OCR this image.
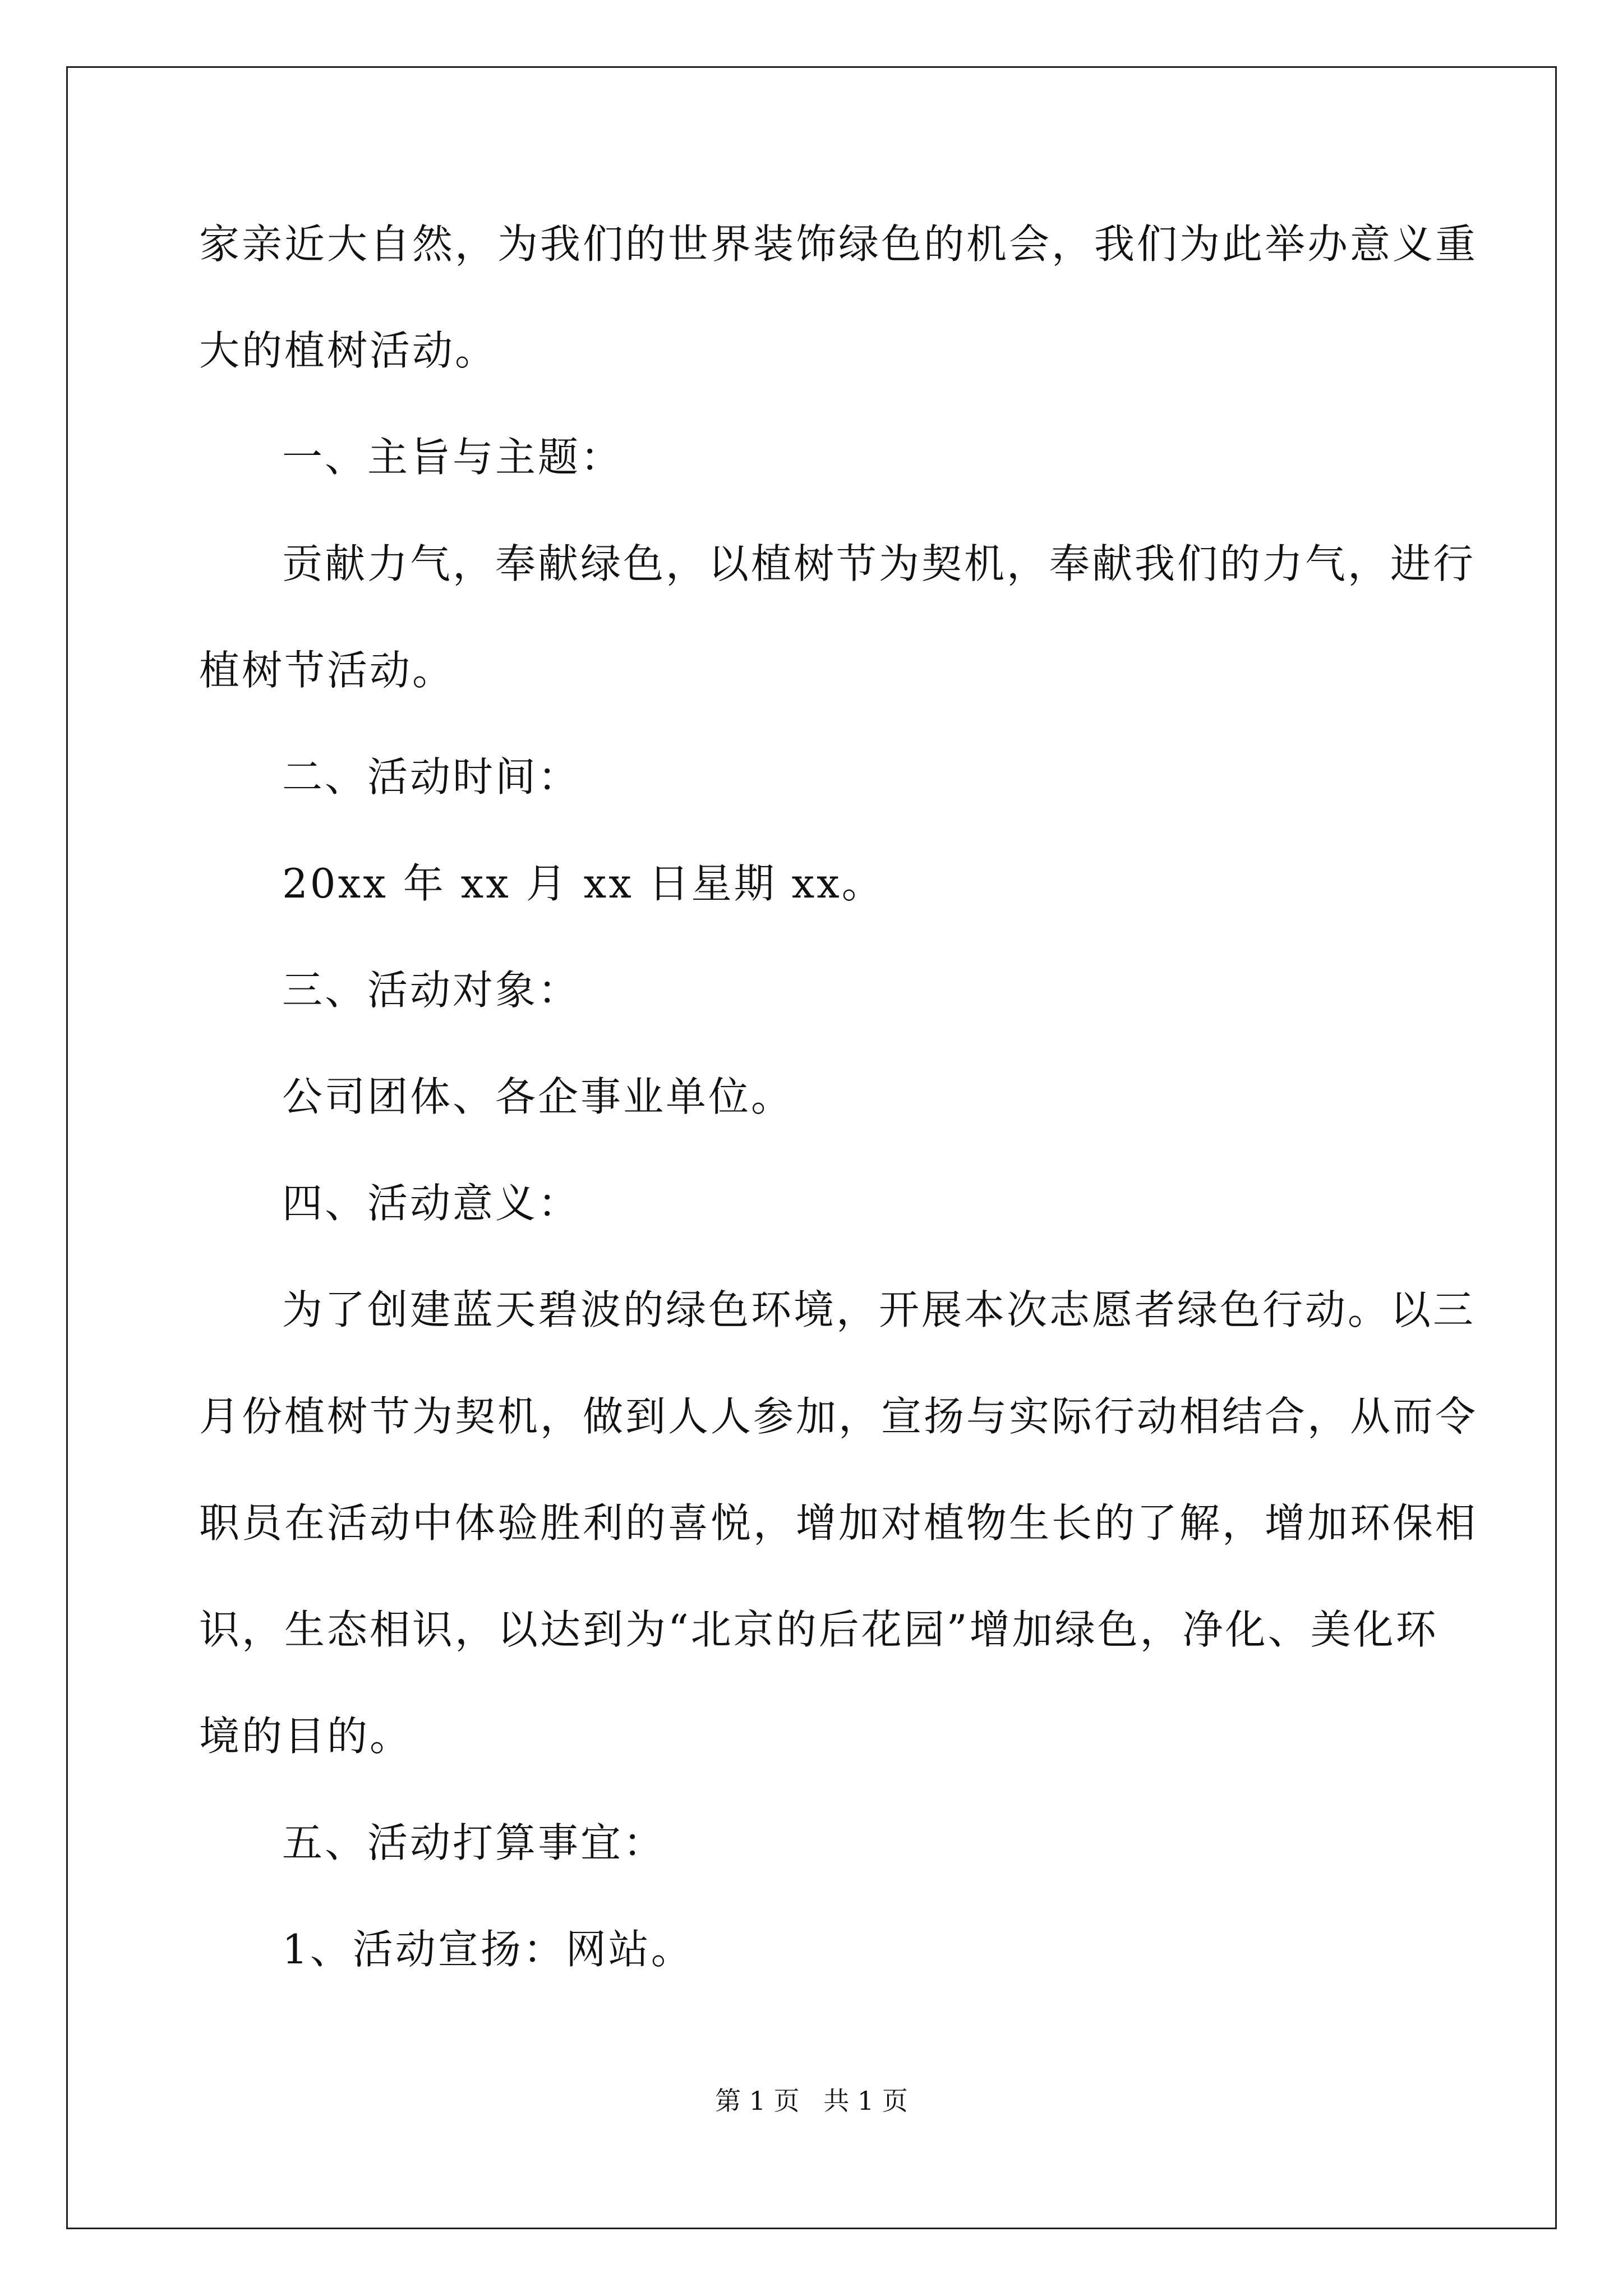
家亲近大自然，为我们的世界装饰绿色的机会，我们为此举办意义重
大的植树活动。
一、主旨与主题：
贡献力气，奉献绿色，以植树节为契机，奉献我们的力气，进行
植树节活动。
二、活动时间：
20xx 年 xx 月 xx 日星期 xx。
三、活动对象：
公司团体、各企事业单位。
四、活动意义：
为了创建蓝天碧波的绿色环境，开展本次志愿者绿色行动。以三
月份植树节为契机，做到人人参加，宣扬与实际行动相结合，从而令
职员在活动中体验胜利的喜悦，增加对植物生长的了解，增加环保相
识，生态相识，以达到为“北京的后花园”增加绿色，净化、美化环
境的目的。
五、活动打算事宜：
1、活动宣扬：网站。
第 1 页 共 1 页
